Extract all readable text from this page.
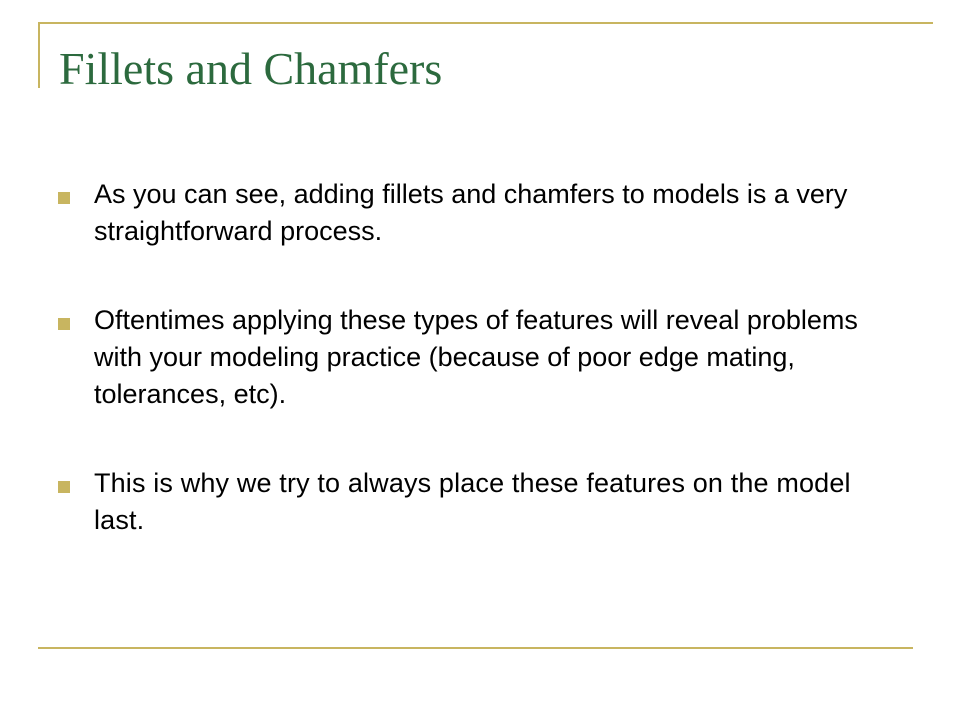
Fillets and Chamfers
As you can see, adding fillets and chamfers to models is a very straightforward process.
Oftentimes applying these types of features will reveal problems with your modeling practice (because of poor edge mating, tolerances, etc).
This is why we try to always place these features on the model last.
